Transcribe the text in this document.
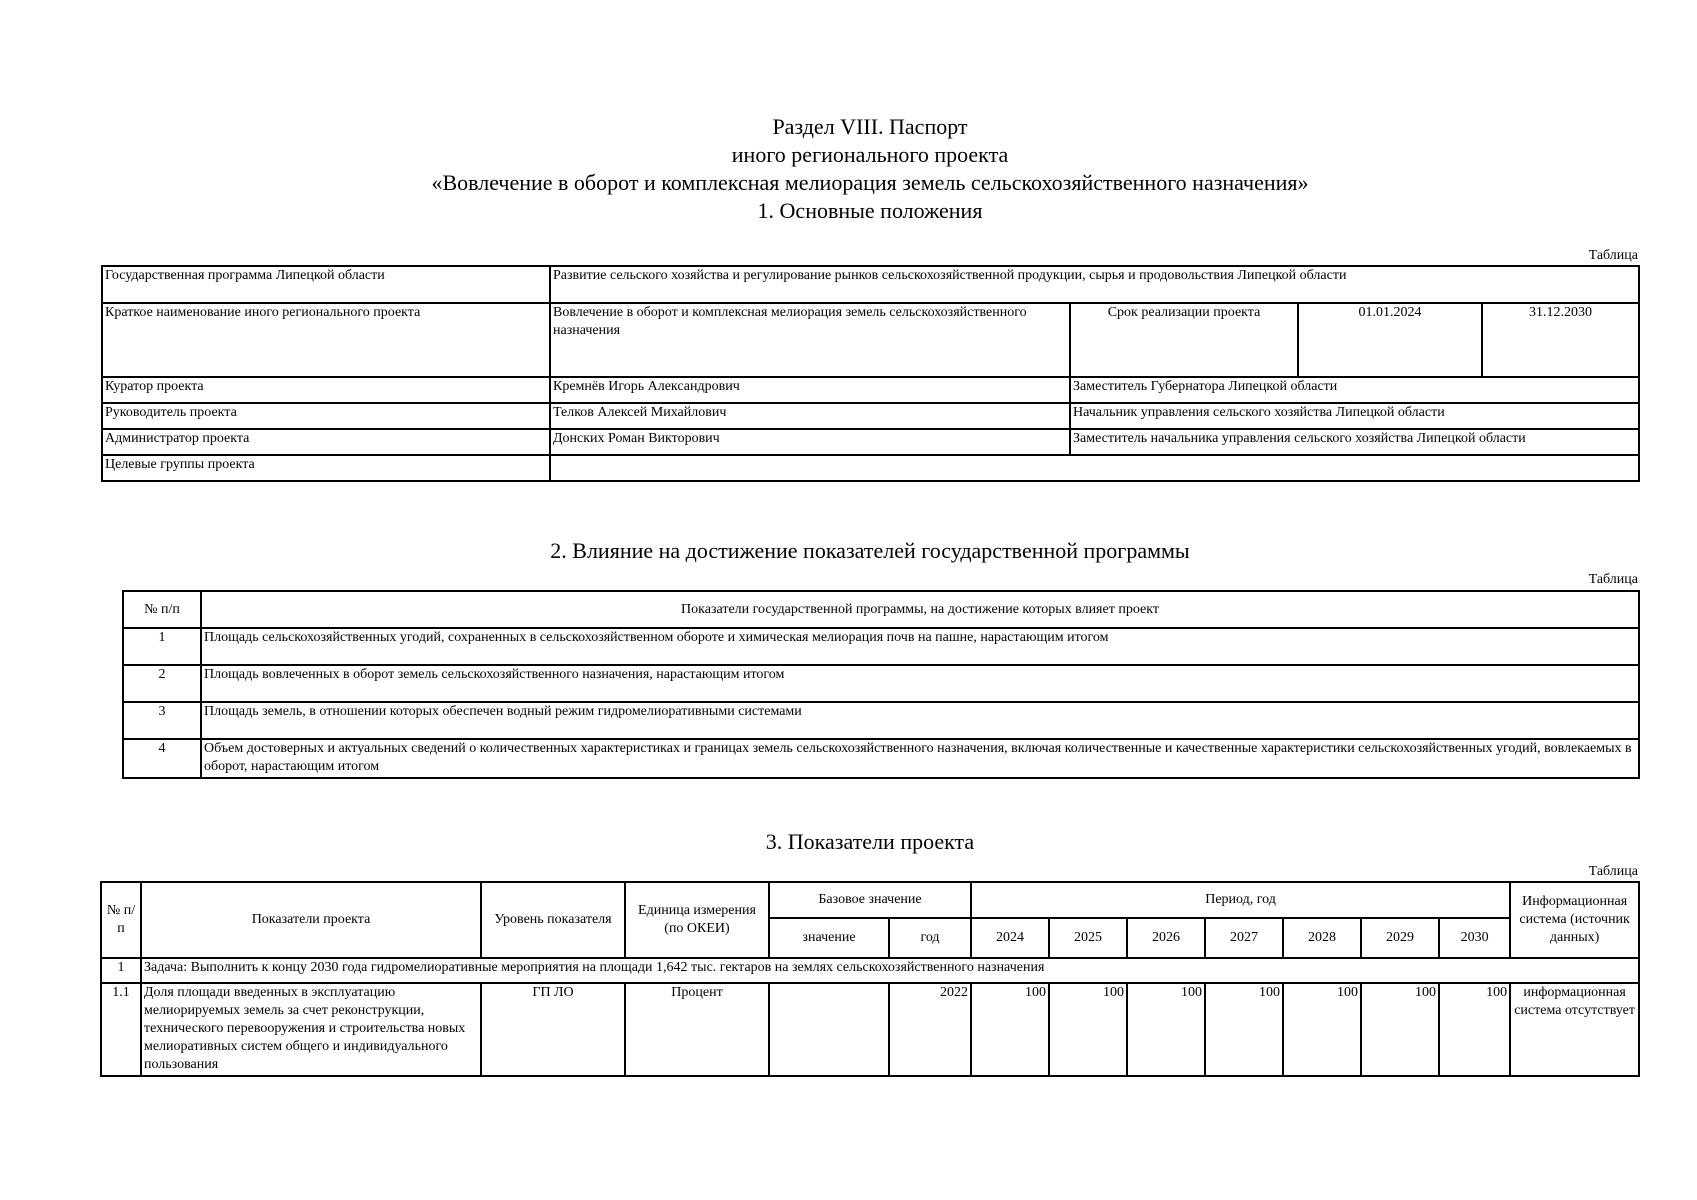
Раздел VIII. Паспорт
иного регионального проекта
«Вовлечение в оборот и комплексная мелиорация земель сельскохозяйственного назначения»
1. Основные положения
Таблица
Государственная программа Липецкой области	Развитие сельского хозяйства и регулирование рынков сельскохозяйственной продукции, сырья и продовольствия Липецкой области			
Краткое наименование иного регионального проекта	Вовлечение в оборот и комплексная мелиорация земель сельскохозяйственного назначения	Срок реализации проекта	01.01.2024	31.12.2030
Куратор проекта	Кремнёв Игорь Александрович	Заместитель Губернатора Липецкой области		
Руководитель проекта	Телков Алексей Михайлович	Начальник управления сельского хозяйства Липецкой области		
Администратор проекта	Донских Роман Викторович	Заместитель начальника управления сельского хозяйства Липецкой области		
Целевые группы проекта				
2. Влияние на достижение показателей государственной программы
Таблица
№ п/п	Показатели государственной программы, на достижение которых влияет проект
1	Площадь сельскохозяйственных угодий, сохраненных в сельскохозяйственном обороте и химическая мелиорация почв на пашне, нарастающим итогом
2	Площадь вовлеченных в оборот земель сельскохозяйственного назначения, нарастающим итогом
3	Площадь земель, в отношении которых обеспечен водный режим гидромелиоративными системами
4	Объем достоверных и актуальных сведений о количественных характеристиках и границах земель сельскохозяйственного назначения, включая количественные и качественные характеристики сельскохозяйственных угодий, вовлекаемых в оборот, нарастающим итогом
3. Показатели проекта
Таблица
№ п/п	Показатели проекта	Уровень показателя	Единица измерения (по ОКЕИ)	Базовое значение		Период, год							Информационная система (источник данных)
				значение	год	2024	2025	2026	2027	2028	2029	2030	
1	Задача: Выполнить к концу 2030 года гидромелиоративные мероприятия на площади 1,642 тыс. гектаров на землях сельскохозяйственного назначения												
1.1	Доля площади введенных в эксплуатацию мелиорируемых земель за счет реконструкции, технического перевооружения и строительства новых мелиоративных систем общего и индивидуального пользования	ГП ЛО	Процент		2022	100	100	100	100	100	100	100	информационная система отсутствует
